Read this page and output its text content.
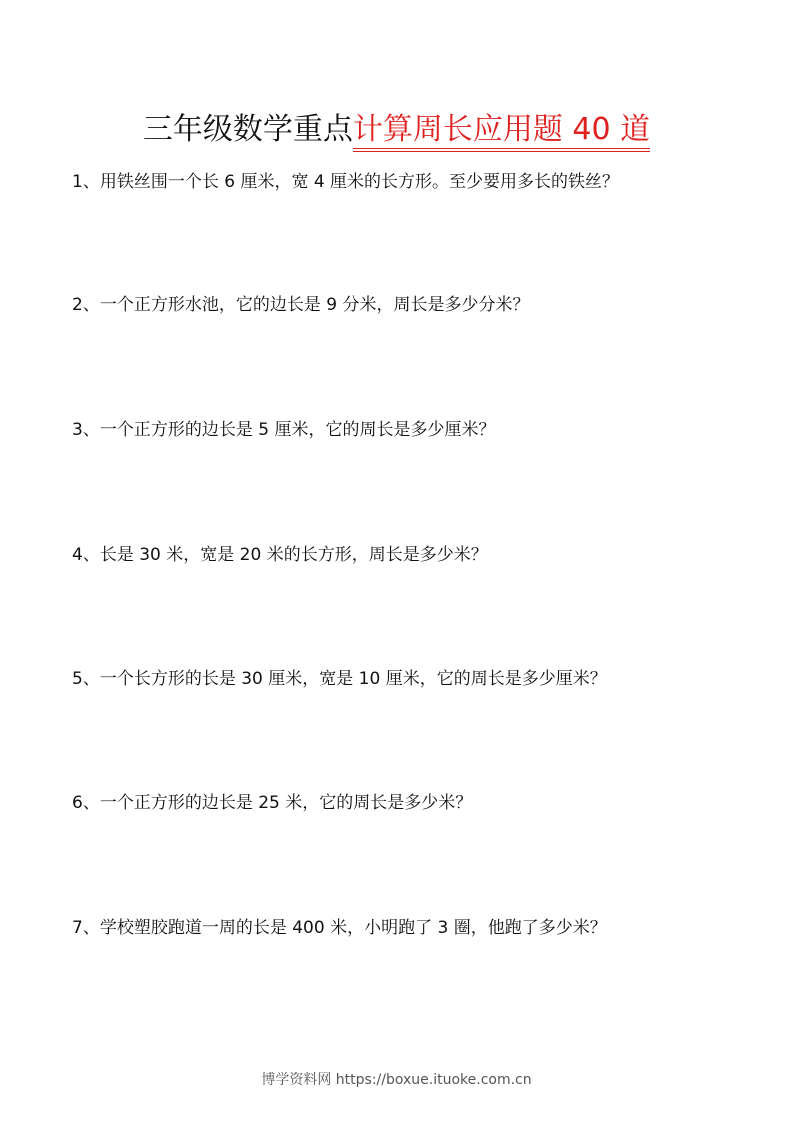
三年级数学重点计算周长应用题 40 道
1、用铁丝围一个长 6 厘米，宽 4 厘米的长方形。至少要用多长的铁丝？
2、一个正方形水池，它的边长是 9 分米，周长是多少分米？
3、一个正方形的边长是 5 厘米，它的周长是多少厘米？
4、长是 30 米，宽是 20 米的长方形，周长是多少米？
5、一个长方形的长是 30 厘米，宽是 10 厘米，它的周长是多少厘米？
6、一个正方形的边长是 25 米，它的周长是多少米？
7、学校塑胶跑道一周的长是 400 米，小明跑了 3 圈，他跑了多少米？
博学资料网 https://boxue.ituoke.com.cn
